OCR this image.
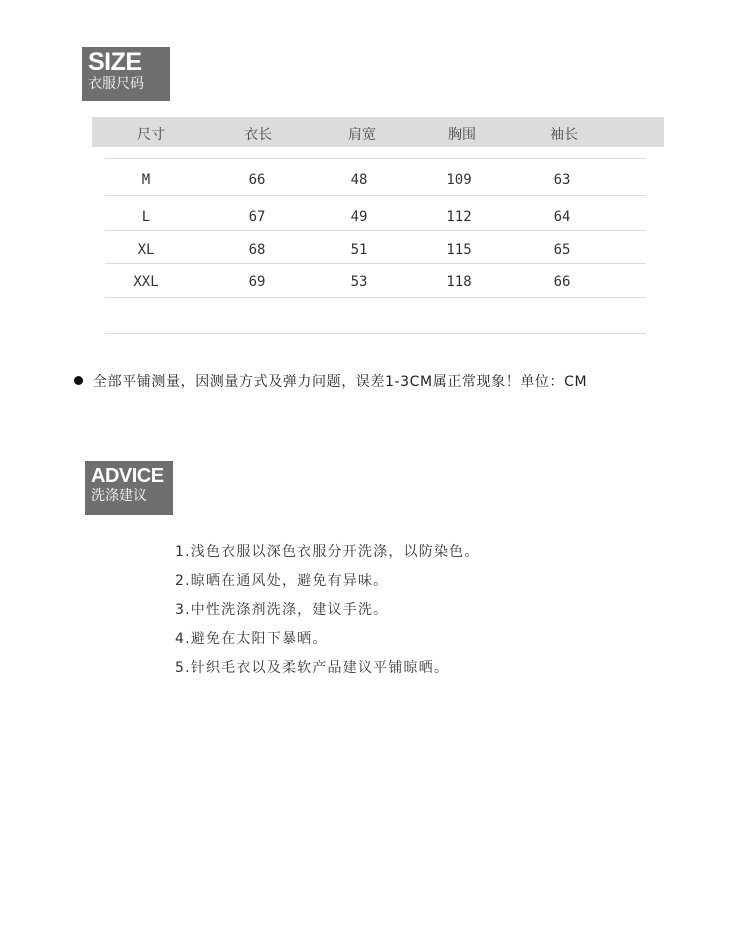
SIZE
衣服尺码
尺寸	衣长	肩宽	胸围	袖长
M	66	48	109	63
L	67	49	112	64
XL	68	51	115	65
XXL	69	53	118	66
全部平铺测量，因测量方式及弹力问题，误差1-3CM属正常现象！单位：CM
ADVICE
洗涤建议
1.浅色衣服以深色衣服分开洗涤，以防染色。
2.晾晒在通风处，避免有异味。
3.中性洗涤剂洗涤，建议手洗。
4.避免在太阳下暴晒。
5.针织毛衣以及柔软产品建议平铺晾晒。
